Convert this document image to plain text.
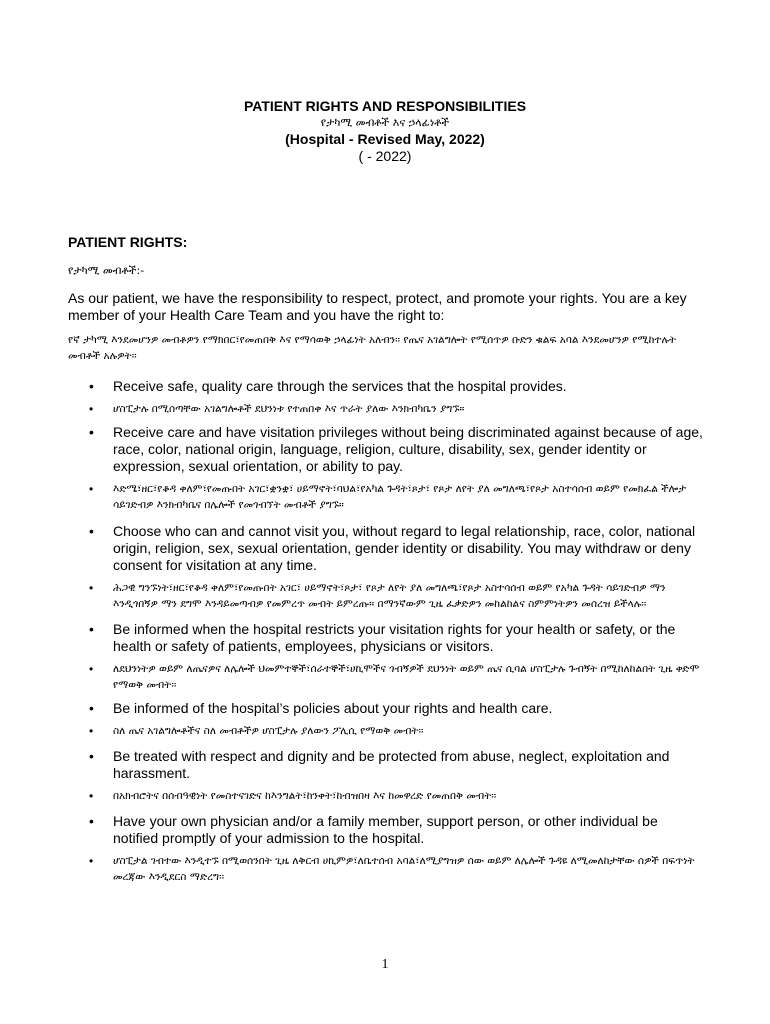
PATIENT RIGHTS AND RESPONSIBILITIES
የታካሚ መብቶች እና ኃላፊነቶች
(Hospital - Revised May, 2022)
( - 2022)
PATIENT RIGHTS:
የታካሚ መብቶች:-
As our patient, we have the responsibility to respect, protect, and promote your rights. You are a key member of your Health Care Team and you have the right to:
የኛ ታካሚ እንደመሆንዎ መብቶዎን የማክበር፣የመጠበቅ እና የማሳወቅ ኃላፊነት አለብን፡፡ የጤና አገልግሎት የሚሰጥዎ ቡድን ቁልፍ አባል እንደመሆንዎ የሚከተሉት መብቶች አሉዎት፡፡
• Receive safe, quality care through the services that the hospital provides.
• ሆስፒታሉ በሚሰጣቸው አገልግሎቶች ደህንነቱ የተጠበቀ እና ጥራት ያለው እንክብካቤን ያግኙ።
• Receive care and have visitation privileges without being discriminated against because of age, race, color, national origin, language, religion, culture, disability, sex, gender identity or expression, sexual orientation, or ability to pay.
• እድሜ፣ዘር፣የቆዳ ቀለም፣የመጡበት አገር፣ቋንቋ፣ ሀይማኖት፣ባህል፣የአካል ጉዳት፣ጾታ፣ የጾታ ለየት ያለ መግለጫ፣የጾታ አስተሳሰብ ወይም የመክፈል ችሎታ ሳይገድብዎ እንክብካቤና በሌሎች የመጎብኘት መብቶች ያግኙ።
• Choose who can and cannot visit you, without regard to legal relationship, race, color, national origin, religion, sex, sexual orientation, gender identity or disability. You may withdraw or deny consent for visitation at any time.
• ሕጋዊ ግንኙነት፣ዘር፣የቆዳ ቀለም፣የመጡበት አገር፣ ሀይማኖት፣ጾታ፣ የጾታ ለየት ያለ መግለጫ፣የጾታ አስተሳሰብ ወይም የአካል ጉዳት ሳይገድብዎ ማን እንዲጎበኝዎ ማን ደግሞ እንዳይመጣብዎ የመምረጥ መብት ይምረጡ። በማንኛውም ጊዜ ፈቃድዎን መከልከልና ስምምነትዎን መሰረዝ ይችላሉ፡፡
• Be informed when the hospital restricts your visitation rights for your health or safety, or the health or safety of patients, employees, physicians or visitors.
• ለደህንነትዎ ወይም ለጤናዎና ለሌሎች ህመምተኞች፣ሰራተኞች፣ሀኪሞችና ጎብኝዎች ደህንነት ወይም ጤና ሲባል ሆስፒታሉ ጉብኝት በሚከለከልበት ጊዜ ቀድሞ የማወቅ መብት፡፡
• Be informed of the hospital’s policies about your rights and health care.
• ስለ ጤና አገልግሎቶችና ስለ መብቶችዎ ሆስፒታሉ ያለውን ፖሊሲ የማወቅ መብት፡፡
• Be treated with respect and dignity and be protected from abuse, neglect, exploitation and harassment.
• በአክብሮትና በሰብዓዊነት የመስተናገድና ከእንግልት፣ከንቀት፣ከብዝበዛ እና ከመዋረድ የመጠበቅ መብት፡፡
• Have your own physician and/or a family member, support person, or other individual be notified promptly of your admission to the hospital.
• ሆስፒታል ገብተው እንዲተኙ በሚወሰንበት ጊዜ ለቅርብ ሀኪምዎ፣ለቤተሰብ አባል፣ለሚያግዝዎ ሰው ወይም ለሌሎች ጉዳዩ ለሚመለከታቸው ሰዎች በፍጥነት መረጃው እንዲደርስ ማድረግ፡፡
1
